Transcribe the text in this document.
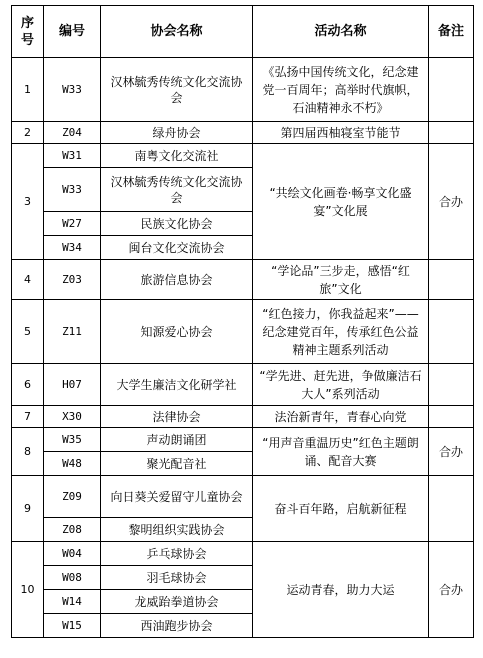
序号	编号	协会名称	活动名称	备注
1	W33	汉林毓秀传统文化交流协会	《弘扬中国传统文化，纪念建党一百周年；高举时代旗帜，石油精神永不朽》	
2	Z04	绿舟协会	第四届西柚寝室节能节	
3	W31	南粤文化交流社	“共绘文化画卷·畅享文化盛宴”文化展	合办
	W33	汉林毓秀传统文化交流协会		
	W27	民族文化协会		
	W34	闽台文化交流协会		
4	Z03	旅游信息协会	“学论品”三步走，感悟“红旅”文化	
5	Z11	知源爱心协会	“红色接力，你我益起来”——纪念建党百年，传承红色公益精神主题系列活动	
6	H07	大学生廉洁文化研学社	“学先进、赶先进，争做廉洁石大人”系列活动	
7	X30	法律协会	法治新青年，青春心向党	
8	W35	声动朗诵团	“用声音重温历史”红色主题朗诵、配音大赛	合办
	W48	聚光配音社		
9	Z09	向日葵关爱留守儿童协会	奋斗百年路，启航新征程	
	Z08	黎明组织实践协会		
10	W04	乒乓球协会	运动青春，助力大运	合办
	W08	羽毛球协会		
	W14	龙威跆拳道协会		
	W15	西油跑步协会		
